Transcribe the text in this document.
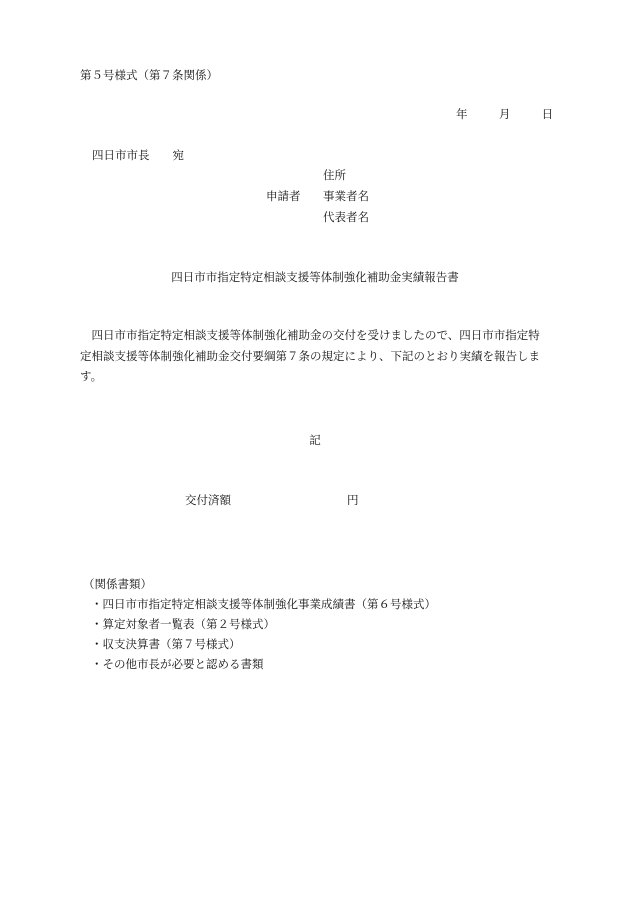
第５号様式（第７条関係）
年	月	日
四日市市長　　宛
住所
申請者 事業者名
代表者名
四日市市指定特定相談支援等体制強化補助金実績報告書
四日市市指定特定相談支援等体制強化補助金の交付を受けましたので、四日市市指定特定相談支援等体制強化補助金交付要綱第７条の規定により、下記のとおり実績を報告します。
記
交付済額	円
（関係書類）
・四日市市指定特定相談支援等体制強化事業成績書（第６号様式）
・算定対象者一覧表（第２号様式）
・収支決算書（第７号様式）
・その他市長が必要と認める書類
